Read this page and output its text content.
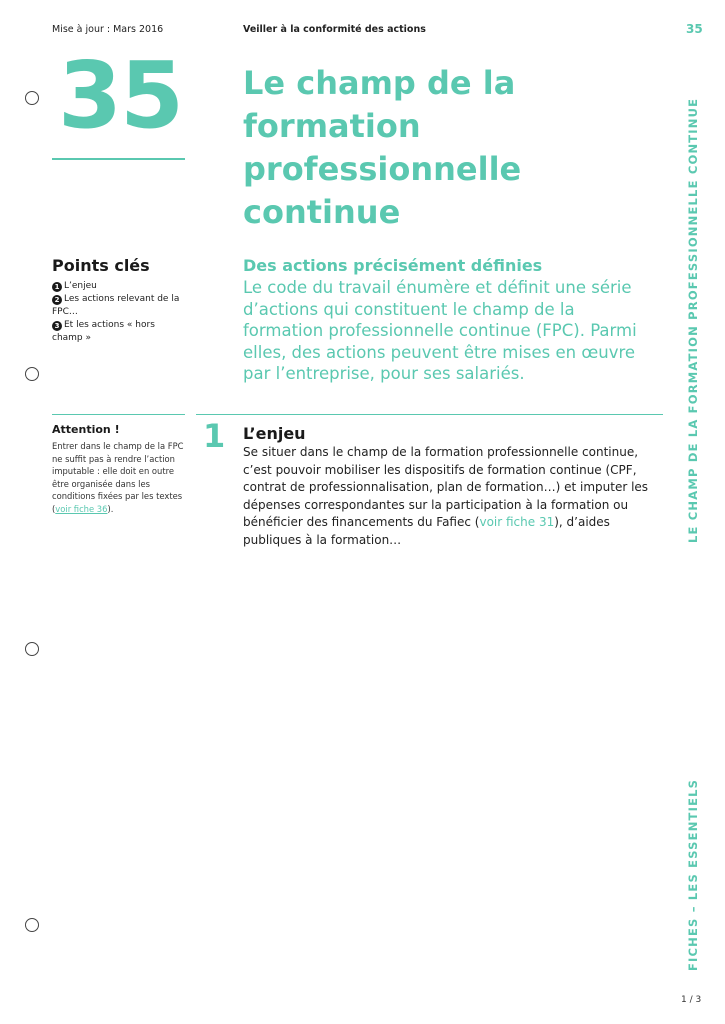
Mise à jour : Mars 2016	Veiller à la conformité des actions	35
35 Le champ de la formation professionnelle continue
Points clés
1 L’enjeu
2 Les actions relevant de la FPC…
3 Et les actions « hors champ »
Des actions précisément définies

Le code du travail énumère et définit une série d’actions qui constituent le champ de la formation professionnelle continue (FPC). Parmi elles, des actions peuvent être mises en œuvre par l’entreprise, pour ses salariés.

Attention !

Entrer dans le champ de la FPC ne suffit pas à rendre l’action imputable : elle doit en outre être organisée dans les conditions fixées par les textes (voir fiche 36).

1 L’enjeu

Se situer dans le champ de la formation professionnelle continue, c’est pouvoir mobiliser les dispositifs de formation continue (CPF, contrat de professionnalisation, plan de formation…) et imputer les dépenses correspondantes sur la participation à la formation ou bénéficier des financements du Fafiec (voir fiche 31), d’aides publiques à la formation…	LE CHAMP DE LA FORMATION PROFESSIONNELLE CONTINUE
FICHES – LES ESSENTIELS
1 / 3
